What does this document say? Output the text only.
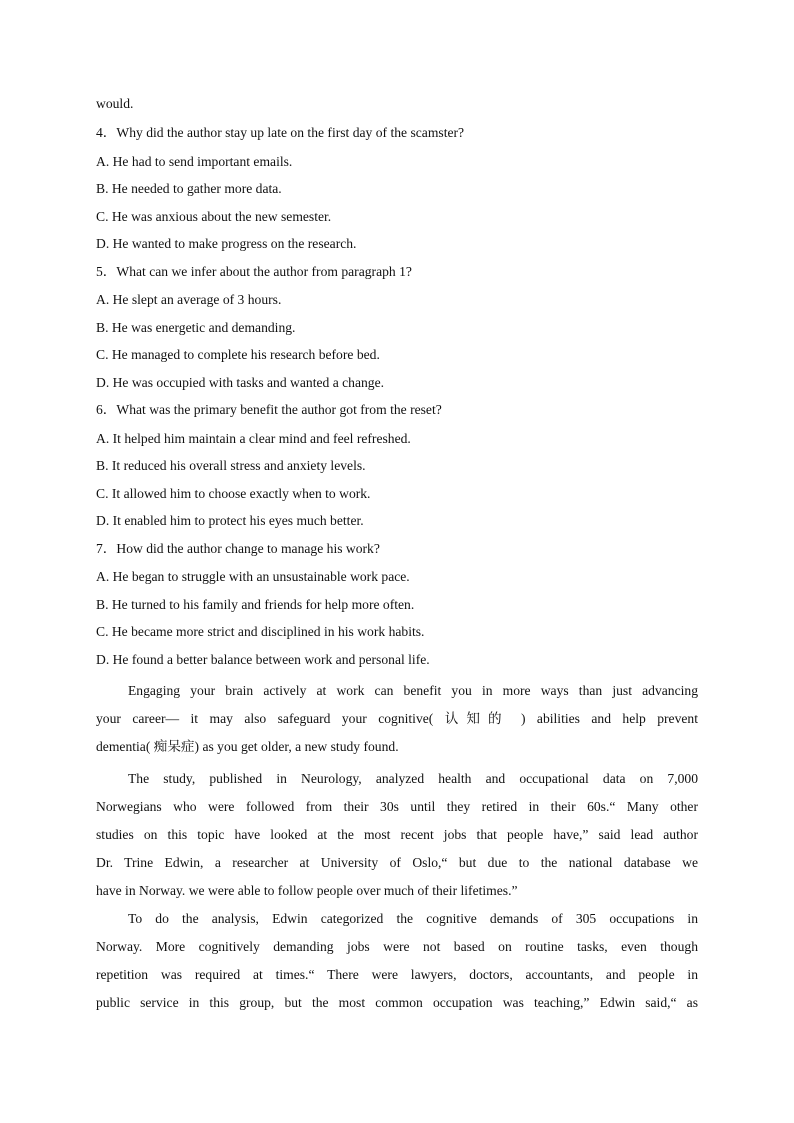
would.
4．Why did the author stay up late on the first day of the scamster?
A. He had to send important emails.
B. He needed to gather more data.
C. He was anxious about the new semester.
D. He wanted to make progress on the research.
5．What can we infer about the author from paragraph 1?
A. He slept an average of 3 hours.
B. He was energetic and demanding.
C. He managed to complete his research before bed.
D. He was occupied with tasks and wanted a change.
6．What was the primary benefit the author got from the reset?
A. It helped him maintain a clear mind and feel refreshed.
B. It reduced his overall stress and anxiety levels.
C. It allowed him to choose exactly when to work.
D. It enabled him to protect his eyes much better.
7．How did the author change to manage his work?
A. He began to struggle with an unsustainable work pace.
B. He turned to his family and friends for help more often.
C. He became more strict and disciplined in his work habits.
D. He found a better balance between work and personal life.
Engaging your brain actively at work can benefit you in more ways than just advancing
your career— it may also safeguard your cognitive( 认知的 ) abilities and help prevent
dementia( 痴呆症) as you get older, a new study found.
The study, published in Neurology, analyzed health and occupational data on 7,000
Norwegians who were followed from their 30s until they retired in their 60s.“ Many other
studies on this topic have looked at the most recent jobs that people have,” said lead author
Dr. Trine Edwin, a researcher at University of Oslo,“ but due to the national database we
have in Norway. we were able to follow people over much of their lifetimes.”
To do the analysis, Edwin categorized the cognitive demands of 305 occupations in
Norway. More cognitively demanding jobs were not based on routine tasks, even though
repetition was required at times.“ There were lawyers, doctors, accountants, and people in
public service in this group, but the most common occupation was teaching,” Edwin said,“ as
